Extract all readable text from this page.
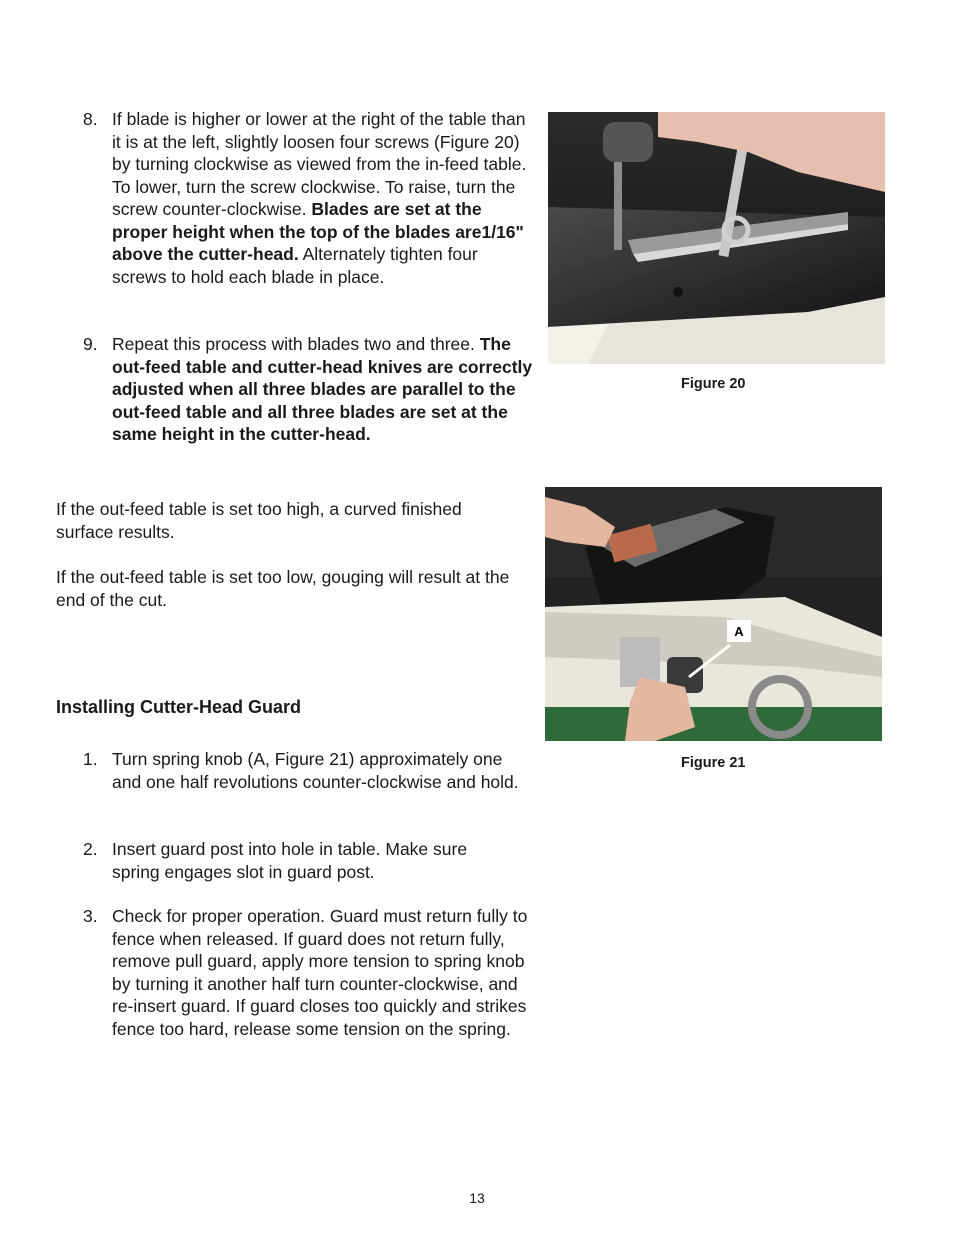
8. If blade is higher or lower at the right of the table than it is at the left, slightly loosen four screws (Figure 20) by turning clockwise as viewed from the in-feed table. To lower, turn the screw clockwise. To raise, turn the screw counter-clockwise. Blades are set at the proper height when the top of the blades are1/16" above the cutter-head. Alternately tighten four screws to hold each blade in place.
9. Repeat this process with blades two and three. The out-feed table and cutter-head knives are correctly adjusted when all three blades are parallel to the out-feed table and all three blades are set at the same height in the cutter-head.
If the out-feed table is set too high, a curved finished surface results.
If the out-feed table is set too low, gouging will result at the end of the cut.
Installing Cutter-Head Guard
1. Turn spring knob (A, Figure 21) approximately one and one half revolutions counter-clockwise and hold.
2. Insert guard post into hole in table. Make sure spring engages slot in guard post.
3. Check for proper operation. Guard must return fully to fence when released. If guard does not return fully, remove pull guard, apply more tension to spring knob by turning it another half turn counter-clockwise, and re-insert guard. If guard closes too quickly and strikes fence too hard, release some tension on the spring.
Figure 20
A
Figure 21
13
